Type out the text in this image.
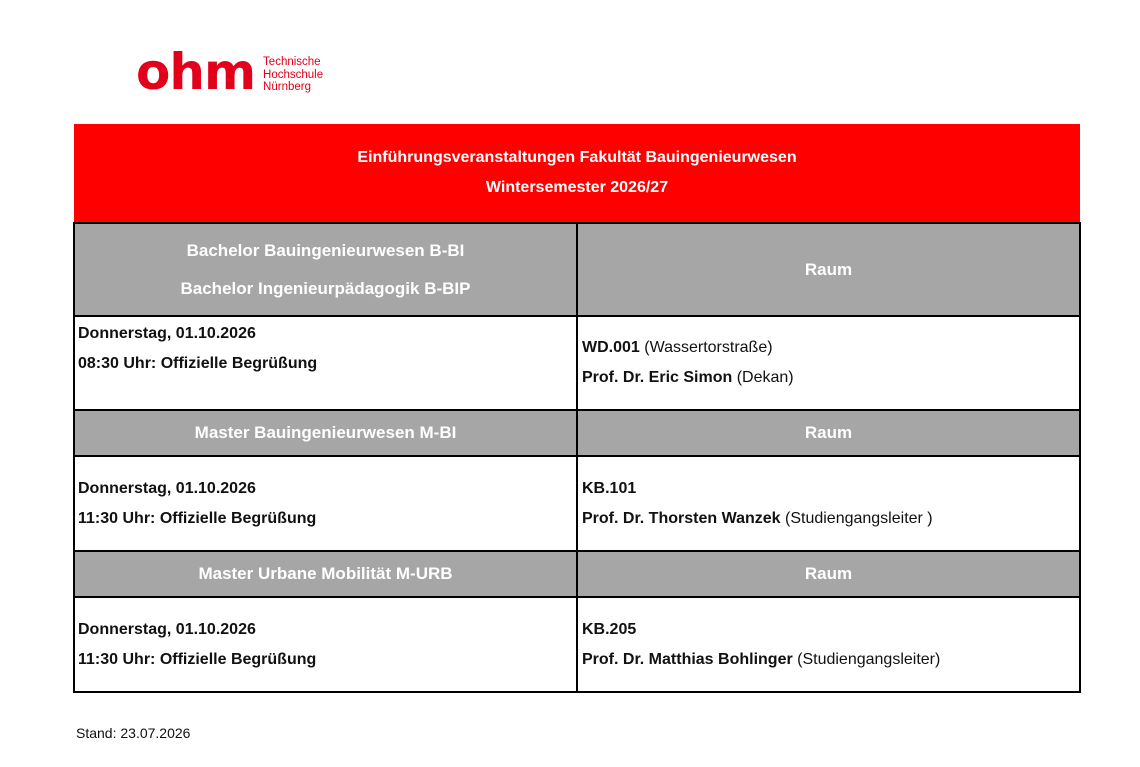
ohm Technische
Hochschule
Nürnberg
Einführungsveranstaltungen Fakultät Bauingenieurwesen
Wintersemester 2026/27
Bachelor Bauingenieurwesen B-BI
Bachelor Ingenieurpädagogik B-BIP	Raum

Donnerstag, 01.10.2026
08:30 Uhr: Offizielle Begrüßung	WD.001 (Wassertorstraße)
Prof. Dr. Eric Simon (Dekan)

Master Bauingenieurwesen M-BI	Raum

Donnerstag, 01.10.2026
11:30 Uhr: Offizielle Begrüßung	KB.101
Prof. Dr. Thorsten Wanzek (Studiengangsleiter )

Master Urbane Mobilität M-URB	Raum

Donnerstag, 01.10.2026
11:30 Uhr: Offizielle Begrüßung	KB.205
Prof. Dr. Matthias Bohlinger (Studiengangsleiter)
Stand: 23.07.2026
